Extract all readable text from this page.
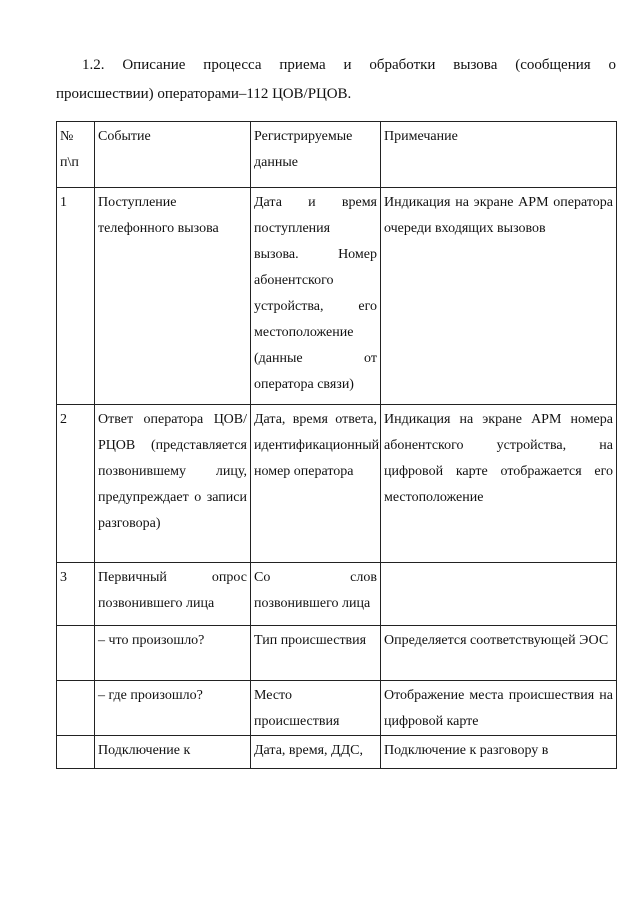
1.2. Описание процесса приема и обработки вызова (сообщения о
происшествии) операторами–112 ЦОВ/РЦОВ.
№ п\п	Событие	Регистрируемые данные	Примечание
1	Поступление телефонного вызова	Дата и время поступления вызова. Номер абонентского устройства, его местоположение (данные от оператора связи)	Индикация на экране АРМ оператора очереди входящих вызовов
2	Ответ оператора ЦОВ/РЦОВ (представляется позвонившему лицу, предупреждает о записи разговора)	Дата, время ответа, идентификационный номер оператора	Индикация на экране АРМ номера абонентского устройства, на цифровой карте отображается его местоположение
3	Первичный опрос позвонившего лица	Со слов позвонившего лица	
	– что произошло?	Тип происшествия	Определяется соответствующей ЭОС
	– где произошло?	Место происшествия	Отображение места происшествия на цифровой карте
	Подключение к	Дата, время, ДДС,	Подключение к разговору в
